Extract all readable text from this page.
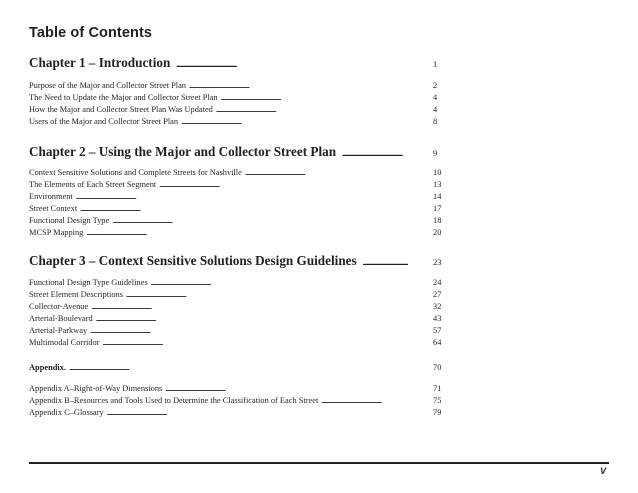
Table of Contents
Chapter 1 – Introduction . . .	1
Purpose of the Major and Collector Street Plan . . .	2
The Need to Update the Major and Collector Street Plan . . .	4
How the Major and Collector Street Plan Was Updated . . .	4
Users of the Major and Collector Street Plan . . .	8
Chapter 2 – Using the Major and Collector Street Plan . . .	9
Context Sensitive Solutions and Complete Streets for Nashville . . .	10
The Elements of Each Street Segment . . .	13
Environment . . .	14
Street Context . . .	17
Functional Design Type . . .	18
MCSP Mapping . . .	20
Chapter 3 – Context Sensitive Solutions Design Guidelines . . .	23
Functional Design Type Guidelines . . .	24
Street Element Descriptions . . .	27
Collector-Avenue . . .	32
Arterial-Boulevard . . .	43
Arterial-Parkway . . .	57
Multimodal Corridor . . .	64
Appendix. . . .	70
Appendix A–Right-of-Way Dimensions . . .	71
Appendix B–Resources and Tools Used to Determine the Classification of Each Street . . .	75
Appendix C–Glossary . . .	79
V
